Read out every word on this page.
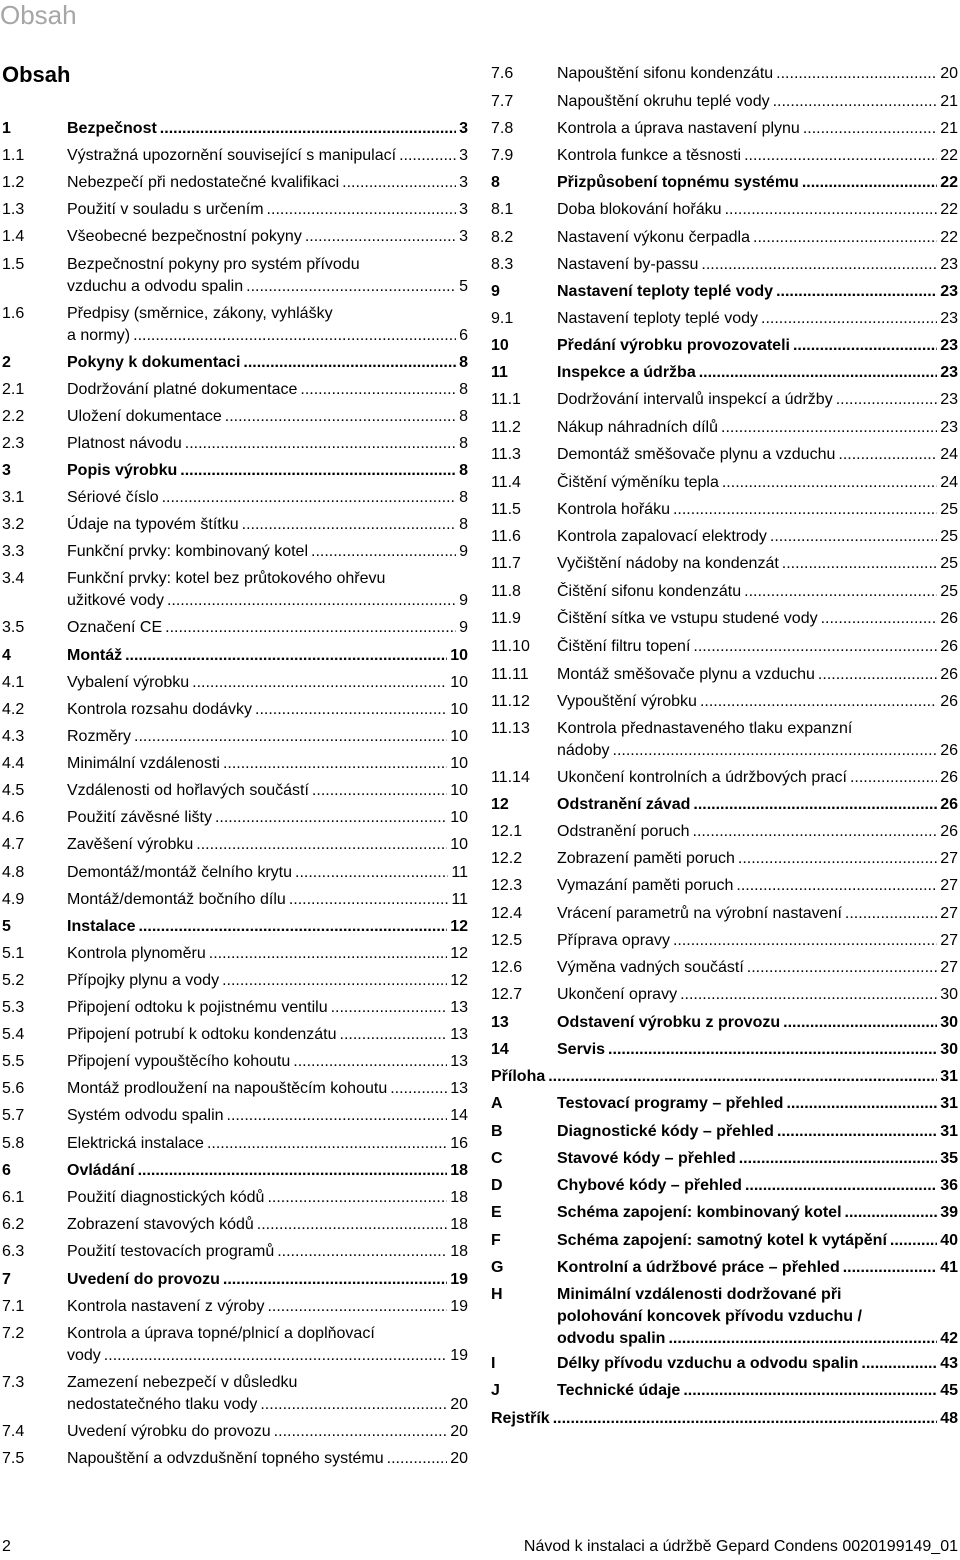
Obsah
Obsah
1	Bezpečnost .....	3
1.1	Výstražná upozornění související s manipulací .....	3
1.2	Nebezpečí při nedostatečné kvalifikaci .....	3
1.3	Použití v souladu s určením .....	3
1.4	Všeobecné bezpečnostní pokyny .....	3
1.5	Bezpečnostní pokyny pro systém přívodu
vzduchu a odvodu spalin .....	5
1.6	Předpisy (směrnice, zákony, vyhlášky
a normy) .....	6
2	Pokyny k dokumentaci .....	8
2.1	Dodržování platné dokumentace .....	8
2.2	Uložení dokumentace .....	8
2.3	Platnost návodu .....	8
3	Popis výrobku .....	8
3.1	Sériové číslo .....	8
3.2	Údaje na typovém štítku .....	8
3.3	Funkční prvky: kombinovaný kotel .....	9
3.4	Funkční prvky: kotel bez průtokového ohřevu
užitkové vody .....	9
3.5	Označení CE .....	9
4	Montáž .....	10
4.1	Vybalení výrobku .....	10
4.2	Kontrola rozsahu dodávky .....	10
4.3	Rozměry .....	10
4.4	Minimální vzdálenosti .....	10
4.5	Vzdálenosti od hořlavých součástí .....	10
4.6	Použití závěsné lišty .....	10
4.7	Zavěšení výrobku .....	10
4.8	Demontáž/montáž čelního krytu .....	11
4.9	Montáž/demontáž bočního dílu .....	11
5	Instalace .....	12
5.1	Kontrola plynoměru .....	12
5.2	Přípojky plynu a vody .....	12
5.3	Připojení odtoku k pojistnému ventilu .....	13
5.4	Připojení potrubí k odtoku kondenzátu .....	13
5.5	Připojení vypouštěcího kohoutu .....	13
5.6	Montáž prodloužení na napouštěcím kohoutu .....	13
5.7	Systém odvodu spalin .....	14
5.8	Elektrická instalace .....	16
6	Ovládání .....	18
6.1	Použití diagnostických kódů .....	18
6.2	Zobrazení stavových kódů .....	18
6.3	Použití testovacích programů .....	18
7	Uvedení do provozu .....	19
7.1	Kontrola nastavení z výroby .....	19
7.2	Kontrola a úprava topné/plnicí a doplňovací
vody .....	19
7.3	Zamezení nebezpečí v důsledku
nedostatečného tlaku vody .....	20
7.4	Uvedení výrobku do provozu .....	20
7.5	Napouštění a odvzdušnění topného systému .....	20
7.6	Napouštění sifonu kondenzátu .....	20
7.7	Napouštění okruhu teplé vody .....	21
7.8	Kontrola a úprava nastavení plynu .....	21
7.9	Kontrola funkce a těsnosti .....	22
8	Přizpůsobení topnému systému .....	22
8.1	Doba blokování hořáku .....	22
8.2	Nastavení výkonu čerpadla .....	22
8.3	Nastavení by-passu .....	23
9	Nastavení teploty teplé vody .....	23
9.1	Nastavení teploty teplé vody .....	23
10	Předání výrobku provozovateli .....	23
11	Inspekce a údržba .....	23
11.1	Dodržování intervalů inspekcí a údržby .....	23
11.2	Nákup náhradních dílů .....	23
11.3	Demontáž směšovače plynu a vzduchu .....	24
11.4	Čištění výměníku tepla .....	24
11.5	Kontrola hořáku .....	25
11.6	Kontrola zapalovací elektrody .....	25
11.7	Vyčištění nádoby na kondenzát .....	25
11.8	Čištění sifonu kondenzátu .....	25
11.9	Čištění sítka ve vstupu studené vody .....	26
11.10	Čištění filtru topení .....	26
11.11	Montáž směšovače plynu a vzduchu .....	26
11.12	Vypouštění výrobku .....	26
11.13	Kontrola přednastaveného tlaku expanzní
nádoby .....	26
11.14	Ukončení kontrolních a údržbových prací .....	26
12	Odstranění závad .....	26
12.1	Odstranění poruch .....	26
12.2	Zobrazení paměti poruch .....	27
12.3	Vymazání paměti poruch .....	27
12.4	Vrácení parametrů na výrobní nastavení .....	27
12.5	Příprava opravy .....	27
12.6	Výměna vadných součástí .....	27
12.7	Ukončení opravy .....	30
13	Odstavení výrobku z provozu .....	30
14	Servis .....	30
Příloha .....	31
A	Testovací programy – přehled .....	31
B	Diagnostické kódy – přehled .....	31
C	Stavové kódy – přehled .....	35
D	Chybové kódy – přehled .....	36
E	Schéma zapojení: kombinovaný kotel .....	39
F	Schéma zapojení: samotný kotel k vytápění .....	40
G	Kontrolní a údržbové práce – přehled .....	41
H	Minimální vzdálenosti dodržované při
polohování koncovek přívodu vzduchu /
odvodu spalin .....	42
I	Délky přívodu vzduchu a odvodu spalin .....	43
J	Technické údaje .....	45
Rejstřík .....	48
2	Návod k instalaci a údržbě Gepard Condens 0020199149_01
